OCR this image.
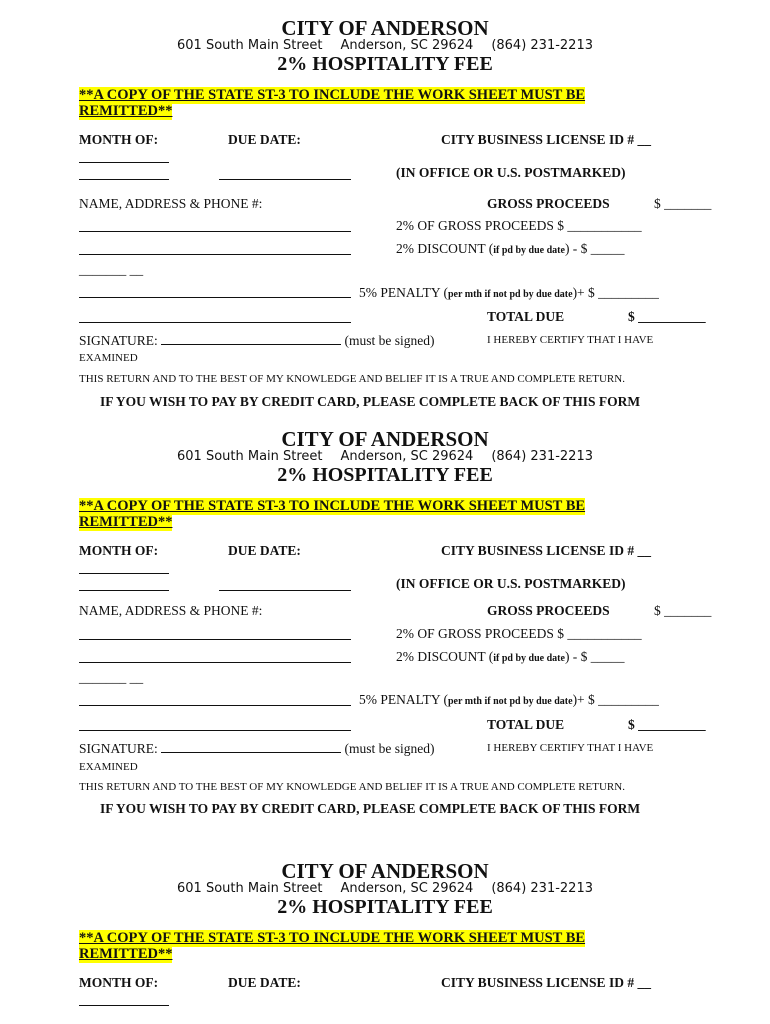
CITY OF ANDERSON
601 South Main Street Anderson, SC 29624 (864) 231-2213
2% HOSPITALITY FEE
**A COPY OF THE STATE ST-3 TO INCLUDE THE WORK SHEET MUST BE
REMITTED**
MONTH OF:	DUE DATE:	CITY BUSINESS LICENSE ID # __
(IN OFFICE OR U.S. POSTMARKED)
NAME, ADDRESS & PHONE #:	GROSS PROCEEDS	$ _______
2% OF GROSS PROCEEDS $ ___________
2% DISCOUNT (if pd by due date) - $ _____
_______ __
5% PENALTY (per mth if not pd by due date)+ $ _________
TOTAL DUE	$ __________
SIGNATURE:	(must be signed)	I HEREBY CERTIFY THAT I HAVE
EXAMINED
THIS RETURN AND TO THE BEST OF MY KNOWLEDGE AND BELIEF IT IS A TRUE AND COMPLETE RETURN.
IF YOU WISH TO PAY BY CREDIT CARD, PLEASE COMPLETE BACK OF THIS FORM
CITY OF ANDERSON
601 South Main Street Anderson, SC 29624 (864) 231-2213
2% HOSPITALITY FEE
**A COPY OF THE STATE ST-3 TO INCLUDE THE WORK SHEET MUST BE
REMITTED**
MONTH OF:	DUE DATE:	CITY BUSINESS LICENSE ID # __
(IN OFFICE OR U.S. POSTMARKED)
NAME, ADDRESS & PHONE #:	GROSS PROCEEDS	$ _______
2% OF GROSS PROCEEDS $ ___________
2% DISCOUNT (if pd by due date) - $ _____
_______ __
5% PENALTY (per mth if not pd by due date)+ $ _________
TOTAL DUE	$ __________
SIGNATURE:	(must be signed)	I HEREBY CERTIFY THAT I HAVE
EXAMINED
THIS RETURN AND TO THE BEST OF MY KNOWLEDGE AND BELIEF IT IS A TRUE AND COMPLETE RETURN.
IF YOU WISH TO PAY BY CREDIT CARD, PLEASE COMPLETE BACK OF THIS FORM
CITY OF ANDERSON
601 South Main Street Anderson, SC 29624 (864) 231-2213
2% HOSPITALITY FEE
**A COPY OF THE STATE ST-3 TO INCLUDE THE WORK SHEET MUST BE
REMITTED**
MONTH OF:	DUE DATE:	CITY BUSINESS LICENSE ID # __
